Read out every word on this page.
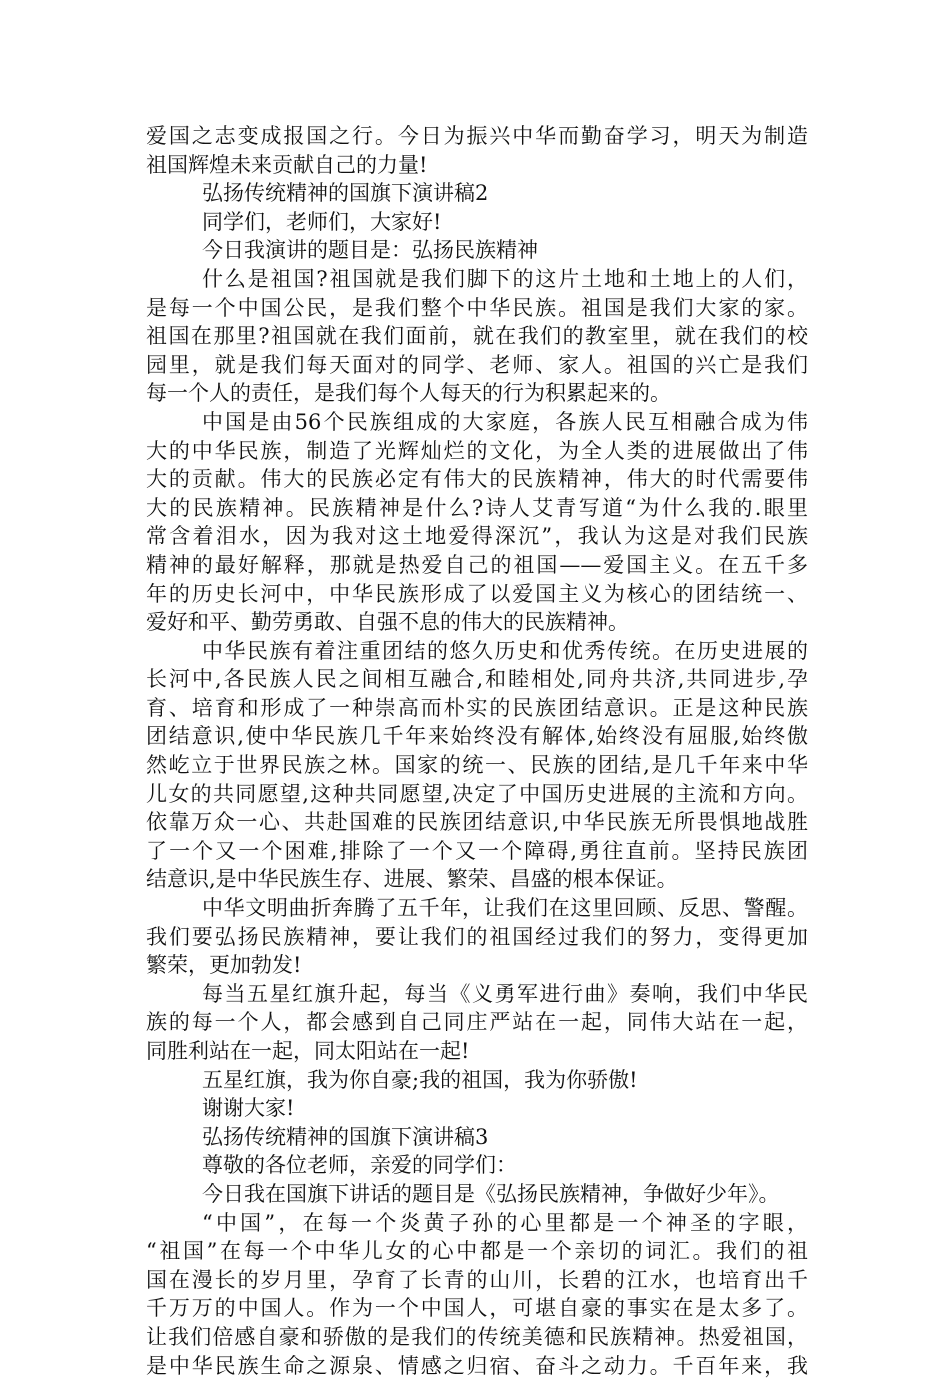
爱国之志变成报国之行。今日为振兴中华而勤奋学习，明天为制造
祖国辉煌未来贡献自己的力量!
弘扬传统精神的国旗下演讲稿2
同学们，老师们，大家好!
今日我演讲的题目是：弘扬民族精神
什么是祖国?祖国就是我们脚下的这片土地和土地上的人们，
是每一个中国公民，是我们整个中华民族。祖国是我们大家的家。
祖国在那里?祖国就在我们面前，就在我们的教室里，就在我们的校
园里，就是我们每天面对的同学、老师、家人。祖国的兴亡是我们
每一个人的责任，是我们每个人每天的行为积累起来的。
中国是由56个民族组成的大家庭，各族人民互相融合成为伟
大的中华民族，制造了光辉灿烂的文化，为全人类的进展做出了伟
大的贡献。伟大的民族必定有伟大的民族精神，伟大的时代需要伟
大的民族精神。民族精神是什么?诗人艾青写道“为什么我的.眼里
常含着泪水，因为我对这土地爱得深沉”，我认为这是对我们民族
精神的最好解释，那就是热爱自己的祖国——爱国主义。在五千多
年的历史长河中，中华民族形成了以爱国主义为核心的团结统一、
爱好和平、勤劳勇敢、自强不息的伟大的民族精神。
中华民族有着注重团结的悠久历史和优秀传统。在历史进展的
长河中,各民族人民之间相互融合,和睦相处,同舟共济,共同进步,孕
育、培育和形成了一种崇高而朴实的民族团结意识。正是这种民族
团结意识,使中华民族几千年来始终没有解体,始终没有屈服,始终傲
然屹立于世界民族之林。国家的统一、民族的团结,是几千年来中华
儿女的共同愿望,这种共同愿望,决定了中国历史进展的主流和方向。
依靠万众一心、共赴国难的民族团结意识,中华民族无所畏惧地战胜
了一个又一个困难,排除了一个又一个障碍,勇往直前。坚持民族团
结意识,是中华民族生存、进展、繁荣、昌盛的根本保证。
中华文明曲折奔腾了五千年，让我们在这里回顾、反思、警醒。
我们要弘扬民族精神，要让我们的祖国经过我们的努力，变得更加
繁荣，更加勃发!
每当五星红旗升起，每当《义勇军进行曲》奏响，我们中华民
族的每一个人，都会感到自己同庄严站在一起，同伟大站在一起，
同胜利站在一起，同太阳站在一起!
五星红旗，我为你自豪;我的祖国，我为你骄傲!
谢谢大家!
弘扬传统精神的国旗下演讲稿3
尊敬的各位老师，亲爱的同学们：
今日我在国旗下讲话的题目是《弘扬民族精神，争做好少年》。
“中国”，在每一个炎黄子孙的心里都是一个神圣的字眼，
“祖国”在每一个中华儿女的心中都是一个亲切的词汇。我们的祖
国在漫长的岁月里，孕育了长青的山川，长碧的江水，也培育出千
千万万的中国人。作为一个中国人，可堪自豪的事实在是太多了。
让我们倍感自豪和骄傲的是我们的传统美德和民族精神。热爱祖国，
是中华民族生命之源泉、情感之归宿、奋斗之动力。千百年来，我
